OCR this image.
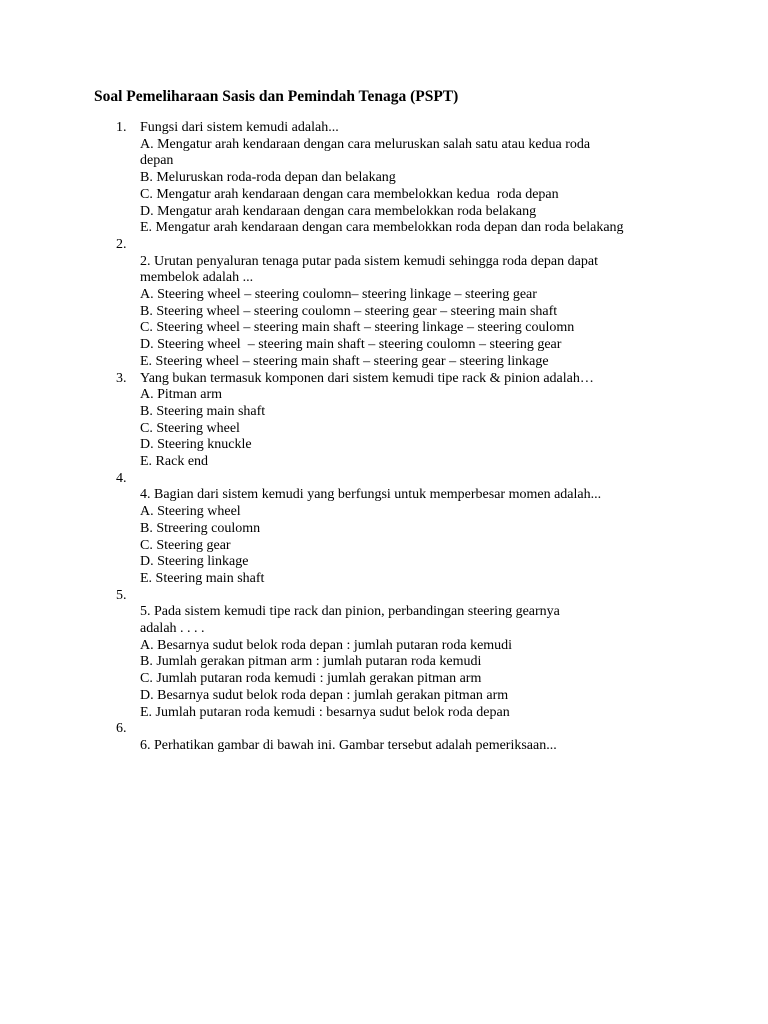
Soal Pemeliharaan Sasis dan Pemindah Tenaga (PSPT)
1. Fungsi dari sistem kemudi adalah...
A. Mengatur arah kendaraan dengan cara meluruskan salah satu atau kedua roda
depan
B. Meluruskan roda-roda depan dan belakang
C. Mengatur arah kendaraan dengan cara membelokkan kedua  roda depan
D. Mengatur arah kendaraan dengan cara membelokkan roda belakang
E. Mengatur arah kendaraan dengan cara membelokkan roda depan dan roda belakang
2.
2. Urutan penyaluran tenaga putar pada sistem kemudi sehingga roda depan dapat
membelok adalah ...
A. Steering wheel – steering coulomn– steering linkage – steering gear
B. Steering wheel – steering coulomn – steering gear – steering main shaft
C. Steering wheel – steering main shaft – steering linkage – steering coulomn
D. Steering wheel  – steering main shaft – steering coulomn – steering gear
E. Steering wheel – steering main shaft – steering gear – steering linkage
3. Yang bukan termasuk komponen dari sistem kemudi tipe rack & pinion adalah…
A. Pitman arm
B. Steering main shaft
C. Steering wheel
D. Steering knuckle
E. Rack end
4.
4. Bagian dari sistem kemudi yang berfungsi untuk memperbesar momen adalah...
A. Steering wheel
B. Streering coulomn
C. Steering gear
D. Steering linkage
E. Steering main shaft
5.
5. Pada sistem kemudi tipe rack dan pinion, perbandingan steering gearnya
adalah . . . .
A. Besarnya sudut belok roda depan : jumlah putaran roda kemudi
B. Jumlah gerakan pitman arm : jumlah putaran roda kemudi
C. Jumlah putaran roda kemudi : jumlah gerakan pitman arm
D. Besarnya sudut belok roda depan : jumlah gerakan pitman arm
E. Jumlah putaran roda kemudi : besarnya sudut belok roda depan
6.
6. Perhatikan gambar di bawah ini. Gambar tersebut adalah pemeriksaan...
